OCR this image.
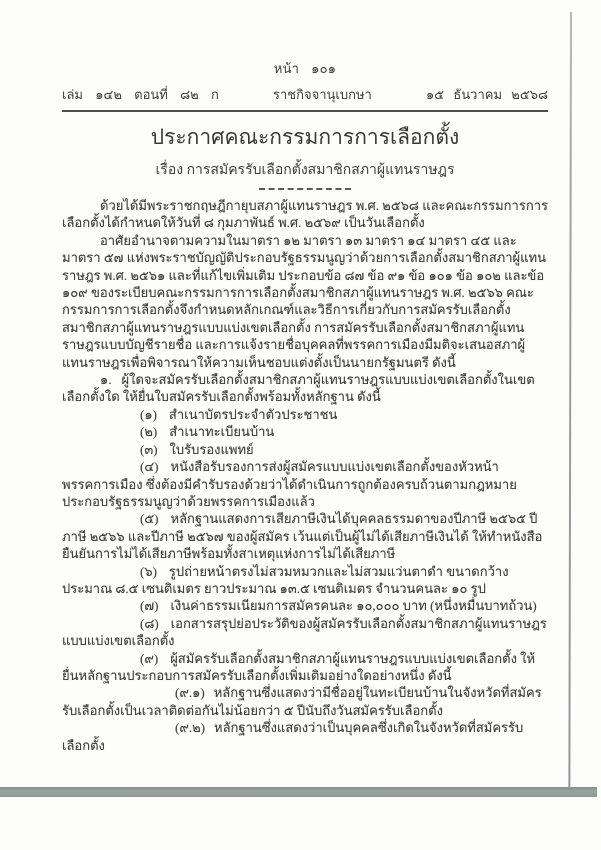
หน้า ๑๐๑
เล่ม ๑๔๒ ตอนที่ ๘๒ ก	ราชกิจจานุเบกษา	๑๕ ธันวาคม ๒๕๖๘
ประกาศคณะกรรมการการเลือกตั้ง
เรื่อง การสมัครรับเลือกตั้งสมาชิกสภาผู้แทนราษฎร

ด้วยได้มีพระราชกฤษฎีกายุบสภาผู้แทนราษฎร พ.ศ. ๒๕๖๘ และคณะกรรมการการเลือกตั้งได้กำหนดให้วันที่ ๘ กุมภาพันธ์ พ.ศ. ๒๕๖๙ เป็นวันเลือกตั้ง

อาศัยอำนาจตามความในมาตรา ๑๒ มาตรา ๑๓ มาตรา ๑๔ มาตรา ๔๕ และมาตรา ๕๗ แห่งพระราชบัญญัติประกอบรัฐธรรมนูญว่าด้วยการเลือกตั้งสมาชิกสภาผู้แทนราษฎร พ.ศ. ๒๕๖๑ และที่แก้ไขเพิ่มเติม ประกอบข้อ ๘๗ ข้อ ๙๑ ข้อ ๑๐๑ ข้อ ๑๐๒ และข้อ ๑๐๙ ของระเบียบคณะกรรมการการเลือกตั้งสมาชิกสภาผู้แทนราษฎร พ.ศ. ๒๕๖๖ คณะกรรมการการเลือกตั้งจึงกำหนดหลักเกณฑ์และวิธีการเกี่ยวกับการสมัครรับเลือกตั้งสมาชิกสภาผู้แทนราษฎรแบบแบ่งเขตเลือกตั้ง การสมัครรับเลือกตั้งสมาชิกสภาผู้แทนราษฎรแบบบัญชีรายชื่อ และการแจ้งรายชื่อบุคคลที่พรรคการเมืองมีมติจะเสนอสภาผู้แทนราษฎรเพื่อพิจารณาให้ความเห็นชอบแต่งตั้งเป็นนายกรัฐมนตรี ดังนี้

๑. ผู้ใดจะสมัครรับเลือกตั้งสมาชิกสภาผู้แทนราษฎรแบบแบ่งเขตเลือกตั้งในเขตเลือกตั้งใด ให้ยื่นใบสมัครรับเลือกตั้งพร้อมทั้งหลักฐาน ดังนี้

(๑) สำเนาบัตรประจำตัวประชาชน

(๒) สำเนาทะเบียนบ้าน

(๓) ใบรับรองแพทย์

(๔) หนังสือรับรองการส่งผู้สมัครแบบแบ่งเขตเลือกตั้งของหัวหน้าพรรคการเมือง ซึ่งต้องมีคำรับรองด้วยว่าได้ดำเนินการถูกต้องครบถ้วนตามกฎหมายประกอบรัฐธรรมนูญว่าด้วยพรรคการเมืองแล้ว

(๕) หลักฐานแสดงการเสียภาษีเงินได้บุคคลธรรมดาของปีภาษี ๒๕๖๕ ปีภาษี ๒๕๖๖ และปีภาษี ๒๕๖๗ ของผู้สมัคร เว้นแต่เป็นผู้ไม่ได้เสียภาษีเงินได้ ให้ทำหนังสือยืนยันการไม่ได้เสียภาษีพร้อมทั้งสาเหตุแห่งการไม่ได้เสียภาษี

(๖) รูปถ่ายหน้าตรงไม่สวมหมวกและไม่สวมแว่นตาดำ ขนาดกว้างประมาณ ๘.๕ เซนติเมตร ยาวประมาณ ๑๓.๕ เซนติเมตร จำนวนคนละ ๑๐ รูป

(๗) เงินค่าธรรมเนียมการสมัครคนละ ๑๐,๐๐๐ บาท (หนึ่งหมื่นบาทถ้วน)

(๘) เอกสารสรุปย่อประวัติของผู้สมัครรับเลือกตั้งสมาชิกสภาผู้แทนราษฎรแบบแบ่งเขตเลือกตั้ง

(๙) ผู้สมัครรับเลือกตั้งสมาชิกสภาผู้แทนราษฎรแบบแบ่งเขตเลือกตั้ง ให้ยื่นหลักฐานประกอบการสมัครรับเลือกตั้งเพิ่มเติมอย่างใดอย่างหนึ่ง ดังนี้

(๙.๑) หลักฐานซึ่งแสดงว่ามีชื่ออยู่ในทะเบียนบ้านในจังหวัดที่สมัครรับเลือกตั้งเป็นเวลาติดต่อกันไม่น้อยกว่า ๕ ปีนับถึงวันสมัครรับเลือกตั้ง

(๙.๒) หลักฐานซึ่งแสดงว่าเป็นบุคคลซึ่งเกิดในจังหวัดที่สมัครรับเลือกตั้ง
